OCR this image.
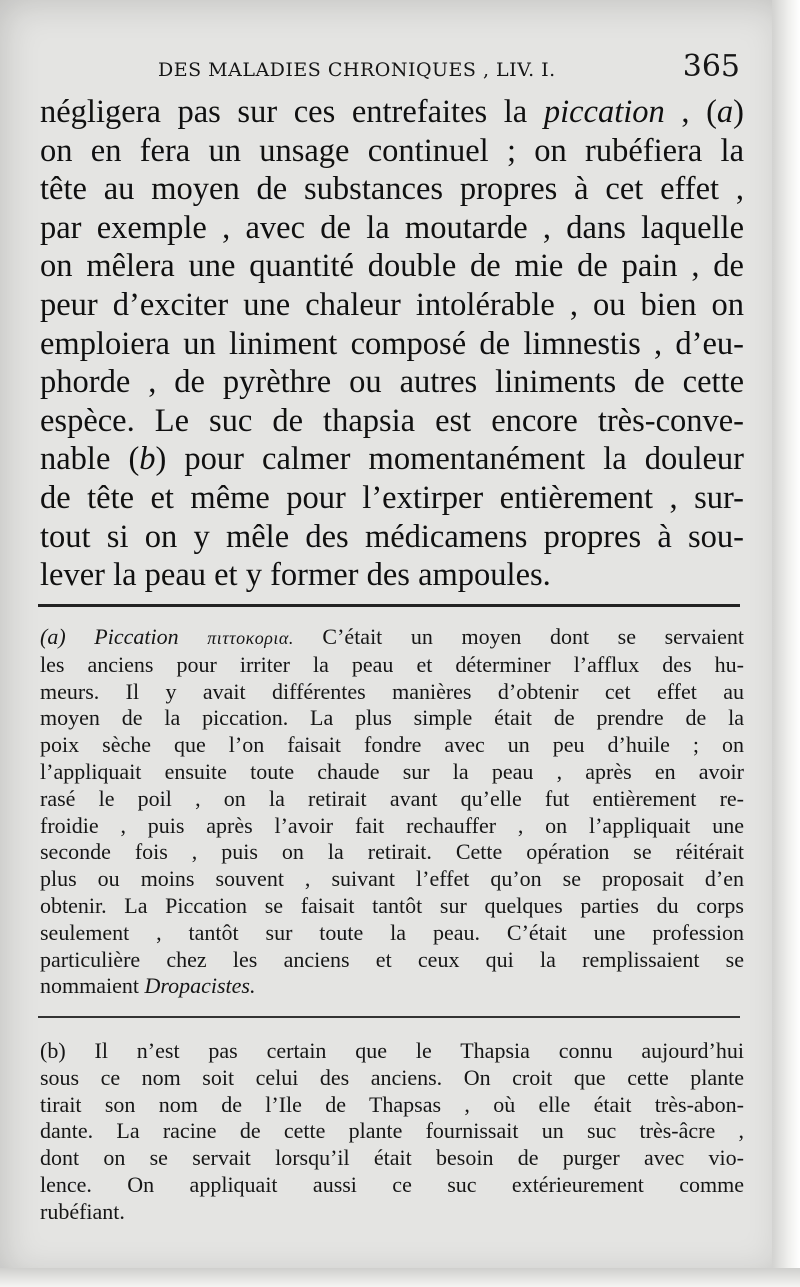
DES MALADIES CHRONIQUES , LIV. I.	365

négligera pas sur ces entrefaites la piccation , (a)

on en fera un unsage continuel ; on rubéfiera la

tête au moyen de substances propres à cet effet ,

par exemple , avec de la moutarde , dans laquelle

on mêlera une quantité double de mie de pain , de

peur d’exciter une chaleur intolérable , ou bien on

emploiera un liniment composé de limnestis , d’eu-

phorde , de pyrèthre ou autres liniments de cette

espèce. Le suc de thapsia est encore très-conve-

nable (b) pour calmer momentanément la douleur

de tête et même pour l’extirper entièrement , sur-

tout si on y mêle des médicamens propres à sou-

lever la peau et y former des ampoules.

(a) Piccation πιττοκορια. C’était un moyen dont se servaient

les anciens pour irriter la peau et déterminer l’afflux des hu-

meurs. Il y avait différentes manières d’obtenir cet effet au

moyen de la piccation. La plus simple était de prendre de la

poix sèche que l’on faisait fondre avec un peu d’huile ; on

l’appliquait ensuite toute chaude sur la peau , après en avoir

rasé le poil , on la retirait avant qu’elle fut entièrement re-

froidie , puis après l’avoir fait rechauffer , on l’appliquait une

seconde fois , puis on la retirait. Cette opération se réitérait

plus ou moins souvent , suivant l’effet qu’on se proposait d’en

obtenir. La Piccation se faisait tantôt sur quelques parties du corps

seulement , tantôt sur toute la peau. C’était une profession

particulière chez les anciens et ceux qui la remplissaient se

nommaient Dropacistes.

(b) Il n’est pas certain que le Thapsia connu aujourd’hui

sous ce nom soit celui des anciens. On croit que cette plante

tirait son nom de l’Ile de Thapsas , où elle était très-abon-

dante. La racine de cette plante fournissait un suc très-âcre ,

dont on se servait lorsqu’il était besoin de purger avec vio-

lence. On appliquait aussi ce suc extérieurement comme

rubéfiant.
